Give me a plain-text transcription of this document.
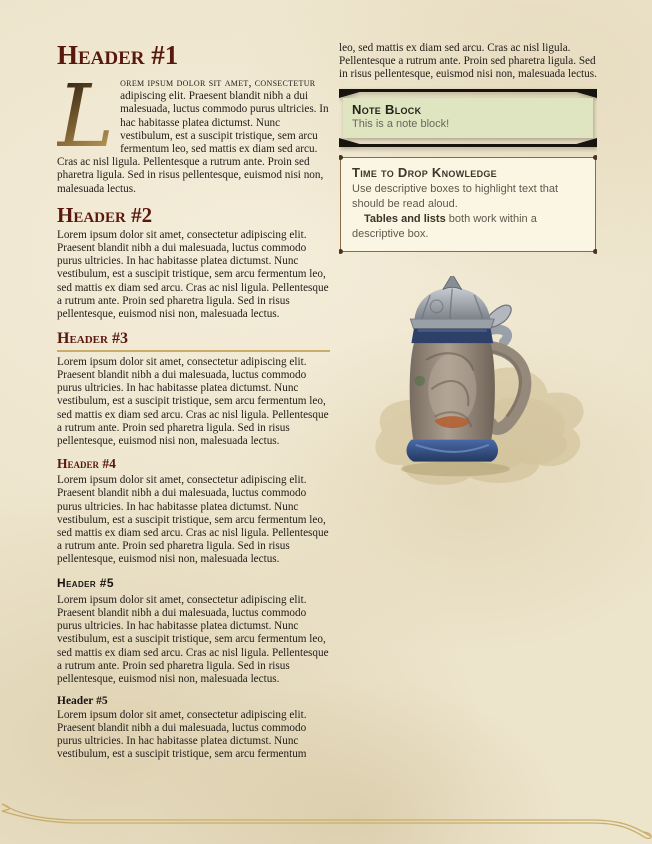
Header #1

L orem ipsum dolor sit amet, consectetur adipiscing elit. Praesent blandit nibh a dui malesuada, luctus commodo purus ultricies. In hac habitasse platea dictumst. Nunc vestibulum, est a suscipit tristique, sem arcu fermentum leo, sed mattis ex diam sed arcu. Cras ac nisl ligula. Pellentesque a rutrum ante. Proin sed pharetra ligula. Sed in risus pellentesque, euismod nisi non, malesuada lectus.

Header #2

Lorem ipsum dolor sit amet, consectetur adipiscing elit. Praesent blandit nibh a dui malesuada, luctus commodo purus ultricies. In hac habitasse platea dictumst. Nunc vestibulum, est a suscipit tristique, sem arcu fermentum leo, sed mattis ex diam sed arcu. Cras ac nisl ligula. Pellentesque a rutrum ante. Proin sed pharetra ligula. Sed in risus pellentesque, euismod nisi non, malesuada lectus.

Header #3

Lorem ipsum dolor sit amet, consectetur adipiscing elit. Praesent blandit nibh a dui malesuada, luctus commodo purus ultricies. In hac habitasse platea dictumst. Nunc vestibulum, est a suscipit tristique, sem arcu fermentum leo, sed mattis ex diam sed arcu. Cras ac nisl ligula. Pellentesque a rutrum ante. Proin sed pharetra ligula. Sed in risus pellentesque, euismod nisi non, malesuada lectus.

Header #4

Lorem ipsum dolor sit amet, consectetur adipiscing elit. Praesent blandit nibh a dui malesuada, luctus commodo purus ultricies. In hac habitasse platea dictumst. Nunc vestibulum, est a suscipit tristique, sem arcu fermentum leo, sed mattis ex diam sed arcu. Cras ac nisl ligula. Pellentesque a rutrum ante. Proin sed pharetra ligula. Sed in risus pellentesque, euismod nisi non, malesuada lectus.

Header #5

Lorem ipsum dolor sit amet, consectetur adipiscing elit. Praesent blandit nibh a dui malesuada, luctus commodo purus ultricies. In hac habitasse platea dictumst. Nunc vestibulum, est a suscipit tristique, sem arcu fermentum leo, sed mattis ex diam sed arcu. Cras ac nisl ligula. Pellentesque a rutrum ante. Proin sed pharetra ligula. Sed in risus pellentesque, euismod nisi non, malesuada lectus.

Header #5

Lorem ipsum dolor sit amet, consectetur adipiscing elit. Praesent blandit nibh a dui malesuada, luctus commodo purus ultricies. In hac habitasse platea dictumst. Nunc vestibulum, est a suscipit tristique, sem arcu fermentum

leo, sed mattis ex diam sed arcu. Cras ac nisl ligula. Pellentesque a rutrum ante. Proin sed pharetra ligula. Sed in risus pellentesque, euismod nisi non, malesuada lectus.

Note Block
This is a note block!
Time to Drop Knowledge
Use descriptive boxes to highlight text that should be read aloud.
Tables and lists both work within a descriptive box.
